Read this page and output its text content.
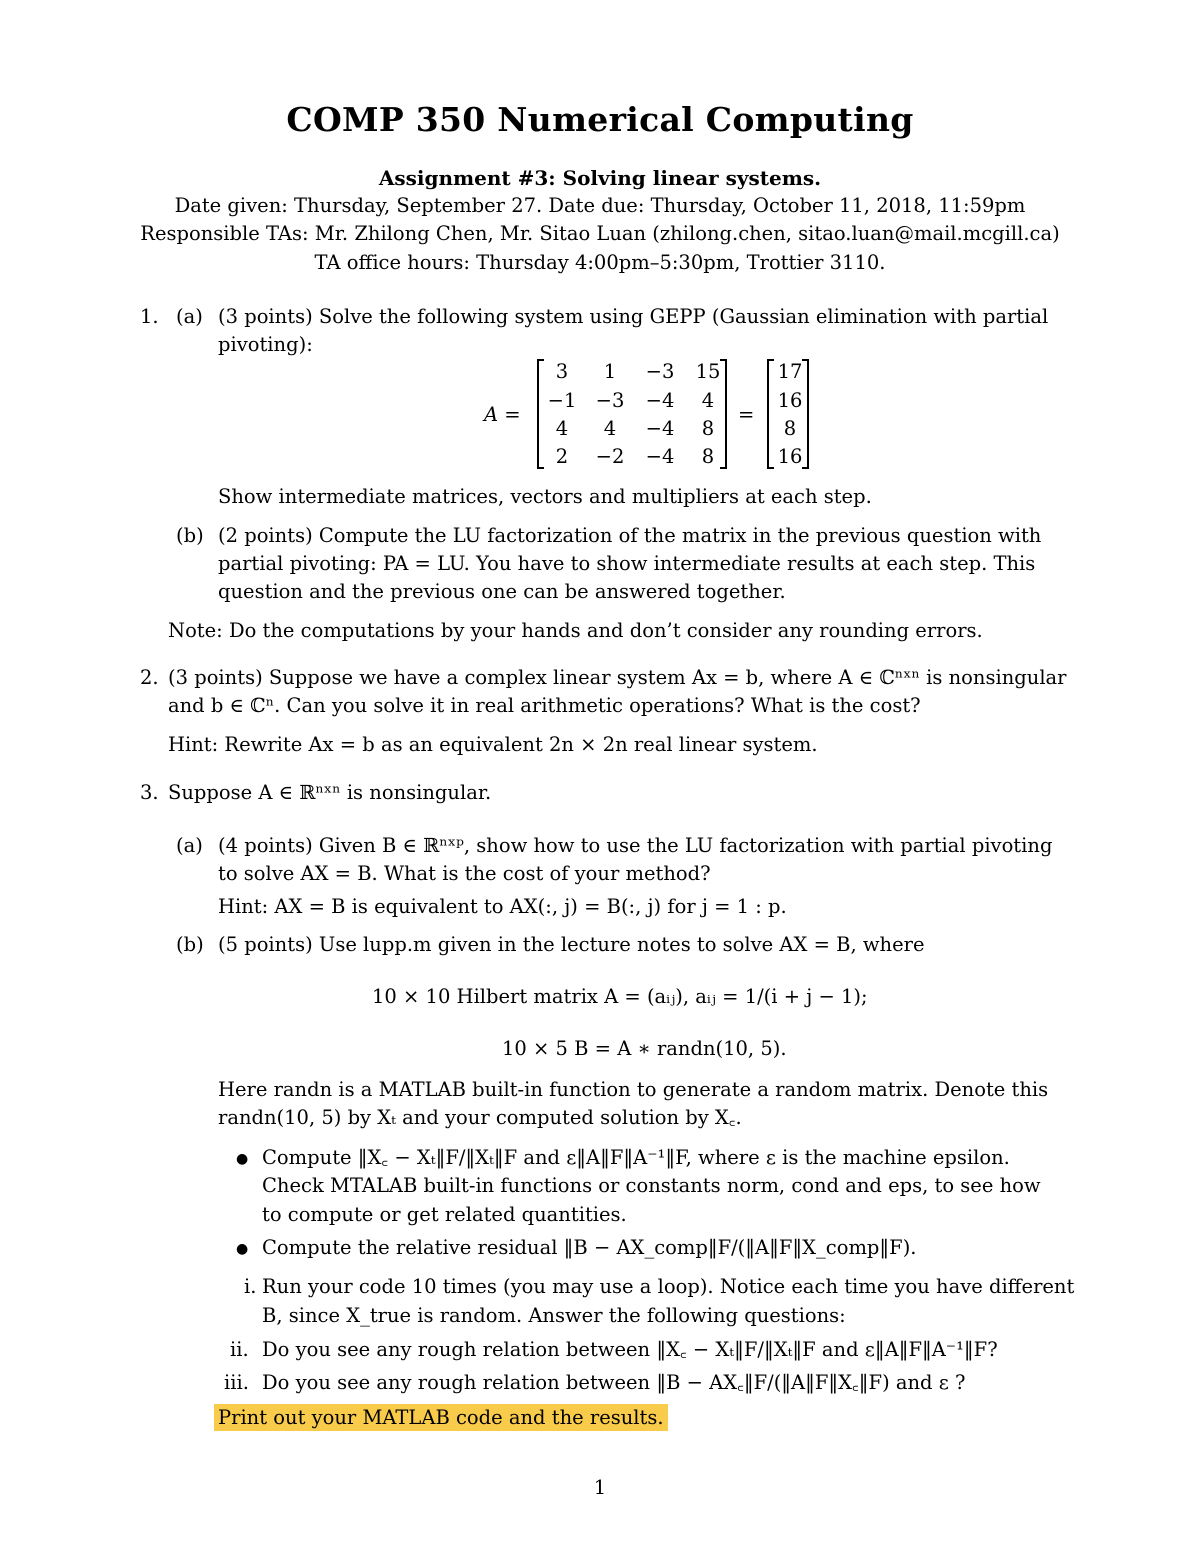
COMP 350 Numerical Computing
Assignment #3: Solving linear systems.
Date given: Thursday, September 27. Date due: Thursday, October 11, 2018, 11:59pm
Responsible TAs: Mr. Zhilong Chen, Mr. Sitao Luan (zhilong.chen, sitao.luan@mail.mcgill.ca)
TA office hours: Thursday 4:00pm–5:30pm, Trottier 3110.
1. (a) (3 points) Solve the following system using GEPP (Gaussian elimination with partial
pivoting):
A =	=
3	1	−3	15
−1 −3 −4	4
4	4	−4	8
2	−2 −4	8
17
16
8
16
Show intermediate matrices, vectors and multipliers at each step.
(b) (2 points) Compute the LU factorization of the matrix in the previous question with
partial pivoting: PA = LU. You have to show intermediate results at each step. This
question and the previous one can be answered together.
Note: Do the computations by your hands and don’t consider any rounding errors.
2. (3 points) Suppose we have a complex linear system Ax = b, where A ∈ ℂⁿˣⁿ is nonsingular
and b ∈ ℂⁿ. Can you solve it in real arithmetic operations? What is the cost?
Hint: Rewrite Ax = b as an equivalent 2n × 2n real linear system.
3. Suppose A ∈ ℝⁿˣⁿ is nonsingular.
(a) (4 points) Given B ∈ ℝⁿˣᵖ, show how to use the LU factorization with partial pivoting
to solve AX = B. What is the cost of your method?
Hint: AX = B is equivalent to AX(:, j) = B(:, j) for j = 1 : p.
(b) (5 points) Use lupp.m given in the lecture notes to solve AX = B, where
10 × 10 Hilbert matrix A = (aᵢⱼ), aᵢⱼ = 1/(i + j − 1);
10 × 5 B = A ∗ randn(10, 5).
Here randn is a MATLAB built-in function to generate a random matrix. Denote this
randn(10, 5) by Xₜ and your computed solution by X꜀.
● Compute ‖X꜀ − Xₜ‖F/‖Xₜ‖F and ε‖A‖F‖A⁻¹‖F, where ε is the machine epsilon.
Check MTALAB built-in functions or constants norm, cond and eps, to see how
to compute or get related quantities.
● Compute the relative residual ‖B − AX_comp‖F/(‖A‖F‖X_comp‖F).
i. Run your code 10 times (you may use a loop). Notice each time you have different
B, since X_true is random. Answer the following questions:
ii. Do you see any rough relation between ‖X꜀ − Xₜ‖F/‖Xₜ‖F and ε‖A‖F‖A⁻¹‖F?
iii. Do you see any rough relation between ‖B − AX꜀‖F/(‖A‖F‖X꜀‖F) and ε ?
Print out your MATLAB code and the results.
1
